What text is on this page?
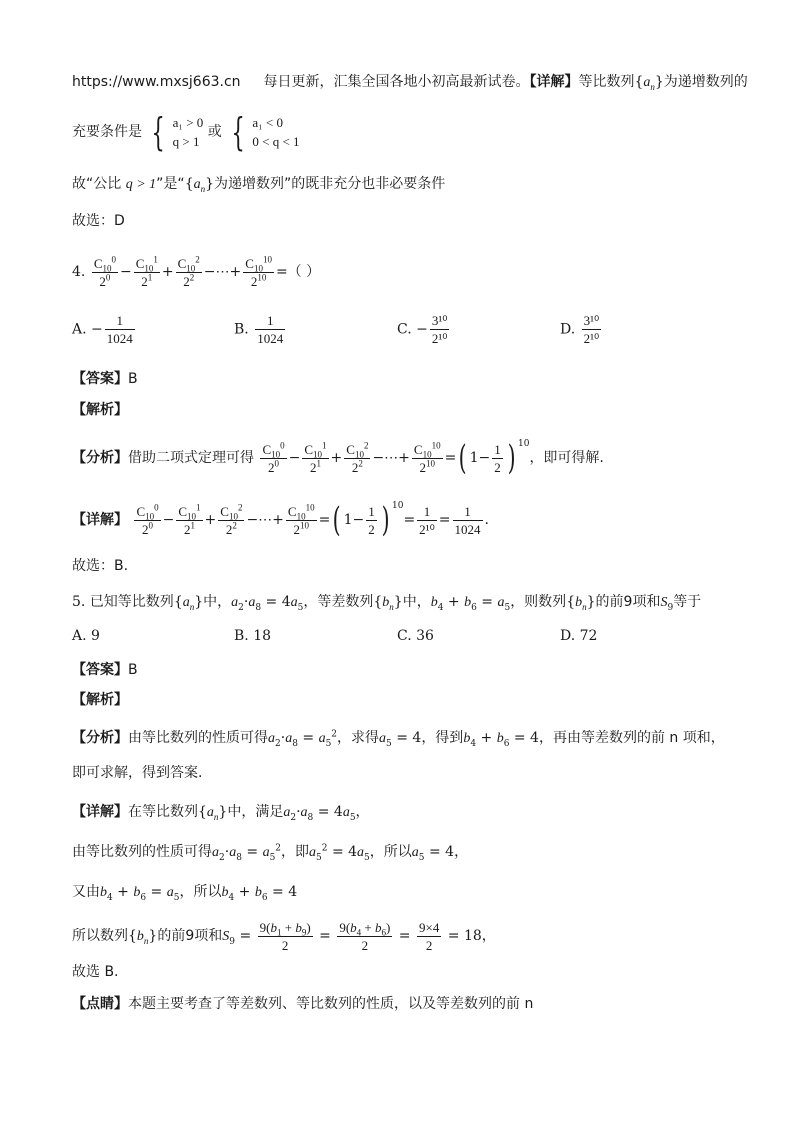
https://www.mxsj663.cn 每日更新，汇集全国各地小初高最新试卷。【详解】等比数列$\{a_n\}$为递增数列的
充要条件是 { a₁ > 0
q > 1
或 { a₁ < 0
0 < q < 1
故“公比 q > 1”是“$\{a_n\}$为递增数列”的既非充分也非必要条件
故选：D
4. $\frac{C_{10}^0}{2^0} - \frac{C_{10}^1}{2^1} + \frac{C_{10}^2}{2^2}$ −⋯+ $\frac{C_{10}^{10}}{2^{10}}$ =（ ）
A. − $\frac{1}{1024}$	B. $\frac{1}{1024}$	C. − $\frac{\text{3¹⁰}}{\text{2¹⁰}}$	D. $\frac{\text{3¹⁰}}{\text{2¹⁰}}$
【答案】B
【解析】
【分析】借助二项式定理可得 $\frac{C_{10}^0}{2^0} - \frac{C_{10}^1}{2^1} + \frac{C_{10}^2}{2^2}$ −⋯+ $\frac{C_{10}^{10}}{2^{10}}$ =( $1- \frac{1}{2}$ ) $^{10}$，即可得解.
【详解】 $\frac{C_{10}^0}{2^0} - \frac{C_{10}^1}{2^1} + \frac{C_{10}^2}{2^2}$ −⋯+ $\frac{C_{10}^{10}}{2^{10}}$ =( $1- \frac{1}{2}$ ) $^{10}= \frac{1}{\text{2¹⁰}} = \frac{1}{1024}$ .
故选：B.
5. 已知等比数列$\{a_n\}$中，$a_2\cdot a_8 = 4a_5$，等差数列$\{b_n\}$中，$b_4 + b_6 = a_5$，则数列$\{b_n\}$的前9项和$S_9$等于
A. 9	B. 18	C. 36	D. 72
【答案】B
【解析】
【分析】由等比数列的性质可得$a_2\cdot a_8 = a_5^2$，求得$a_5 = 4$，得到$b_4 + b_6 = 4$，再由等差数列的前 n 项和，
即可求解，得到答案.
【详解】在等比数列$\{a_n\}$中，满足$a_2\cdot a_8 = 4a_5$，
由等比数列的性质可得$a_2\cdot a_8 = a_5^2$，即$a_5^2 = 4a_5$，所以$a_5 = 4$，
又由$b_4 + b_6 = a_5$，所以$b_4 + b_6 = 4$
所以数列$\{b_n\}$的前9项和$S_9 = \frac{9(b_1 + b_9)}{2} = \frac{9(b_4 + b_6)}{2} = \frac{9\times 4}{2} = 18$，
故选 B.
【点睛】本题主要考查了等差数列、等比数列的性质，以及等差数列的前 n
